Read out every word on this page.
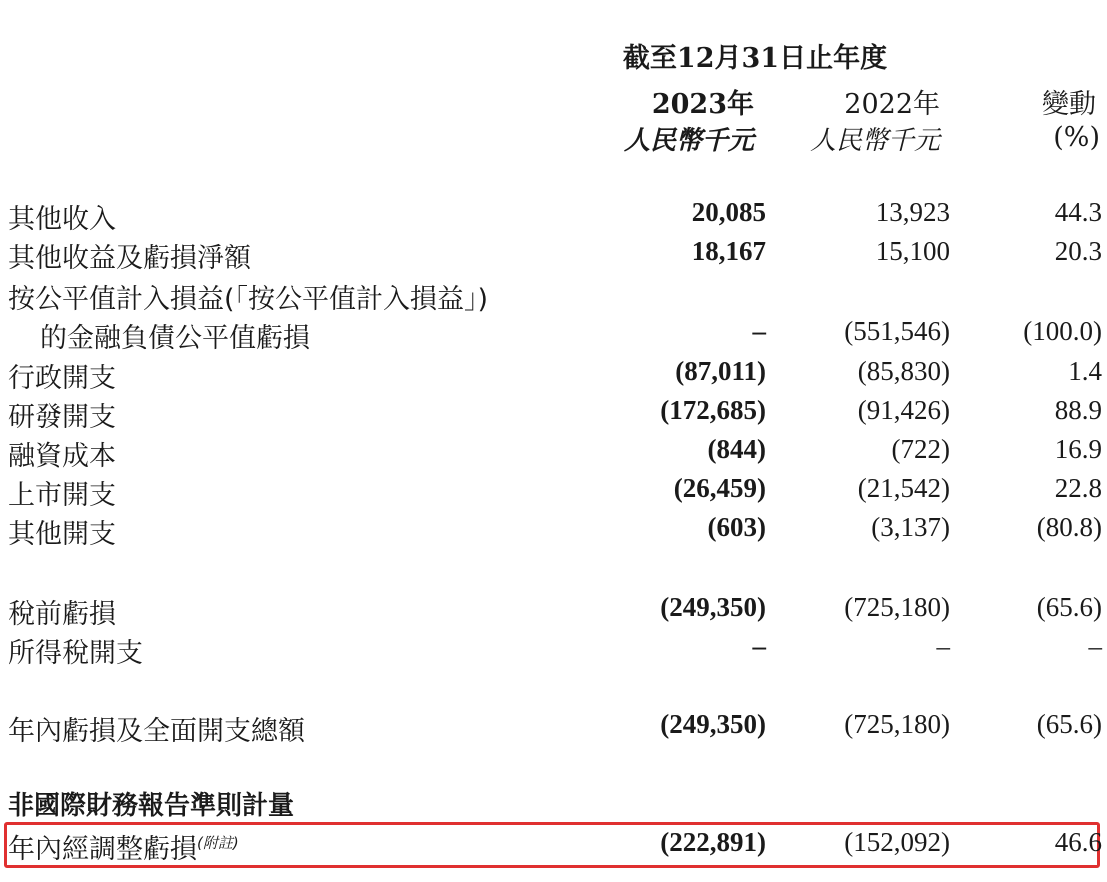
截至12月31日止年度
2023年	2022年	變動
人民幣千元	人民幣千元	(%)
其他收入	20,085	13,923	44.3
其他收益及虧損淨額	18,167	15,100	20.3
按公平值計入損益(「按公平值計入損益」)
的金融負債公平值虧損	–	(551,546)	(100.0)
行政開支	(87,011)	(85,830)	1.4
研發開支	(172,685)	(91,426)	88.9
融資成本	(844)	(722)	16.9
上市開支	(26,459)	(21,542)	22.8
其他開支	(603)	(3,137)	(80.8)
稅前虧損	(249,350)	(725,180)	(65.6)
所得稅開支	–	–	–
年內虧損及全面開支總額	(249,350)	(725,180)	(65.6)
非國際財務報告準則計量
年內經調整虧損$^{(附註)}$	(222,891)	(152,092)	46.6
